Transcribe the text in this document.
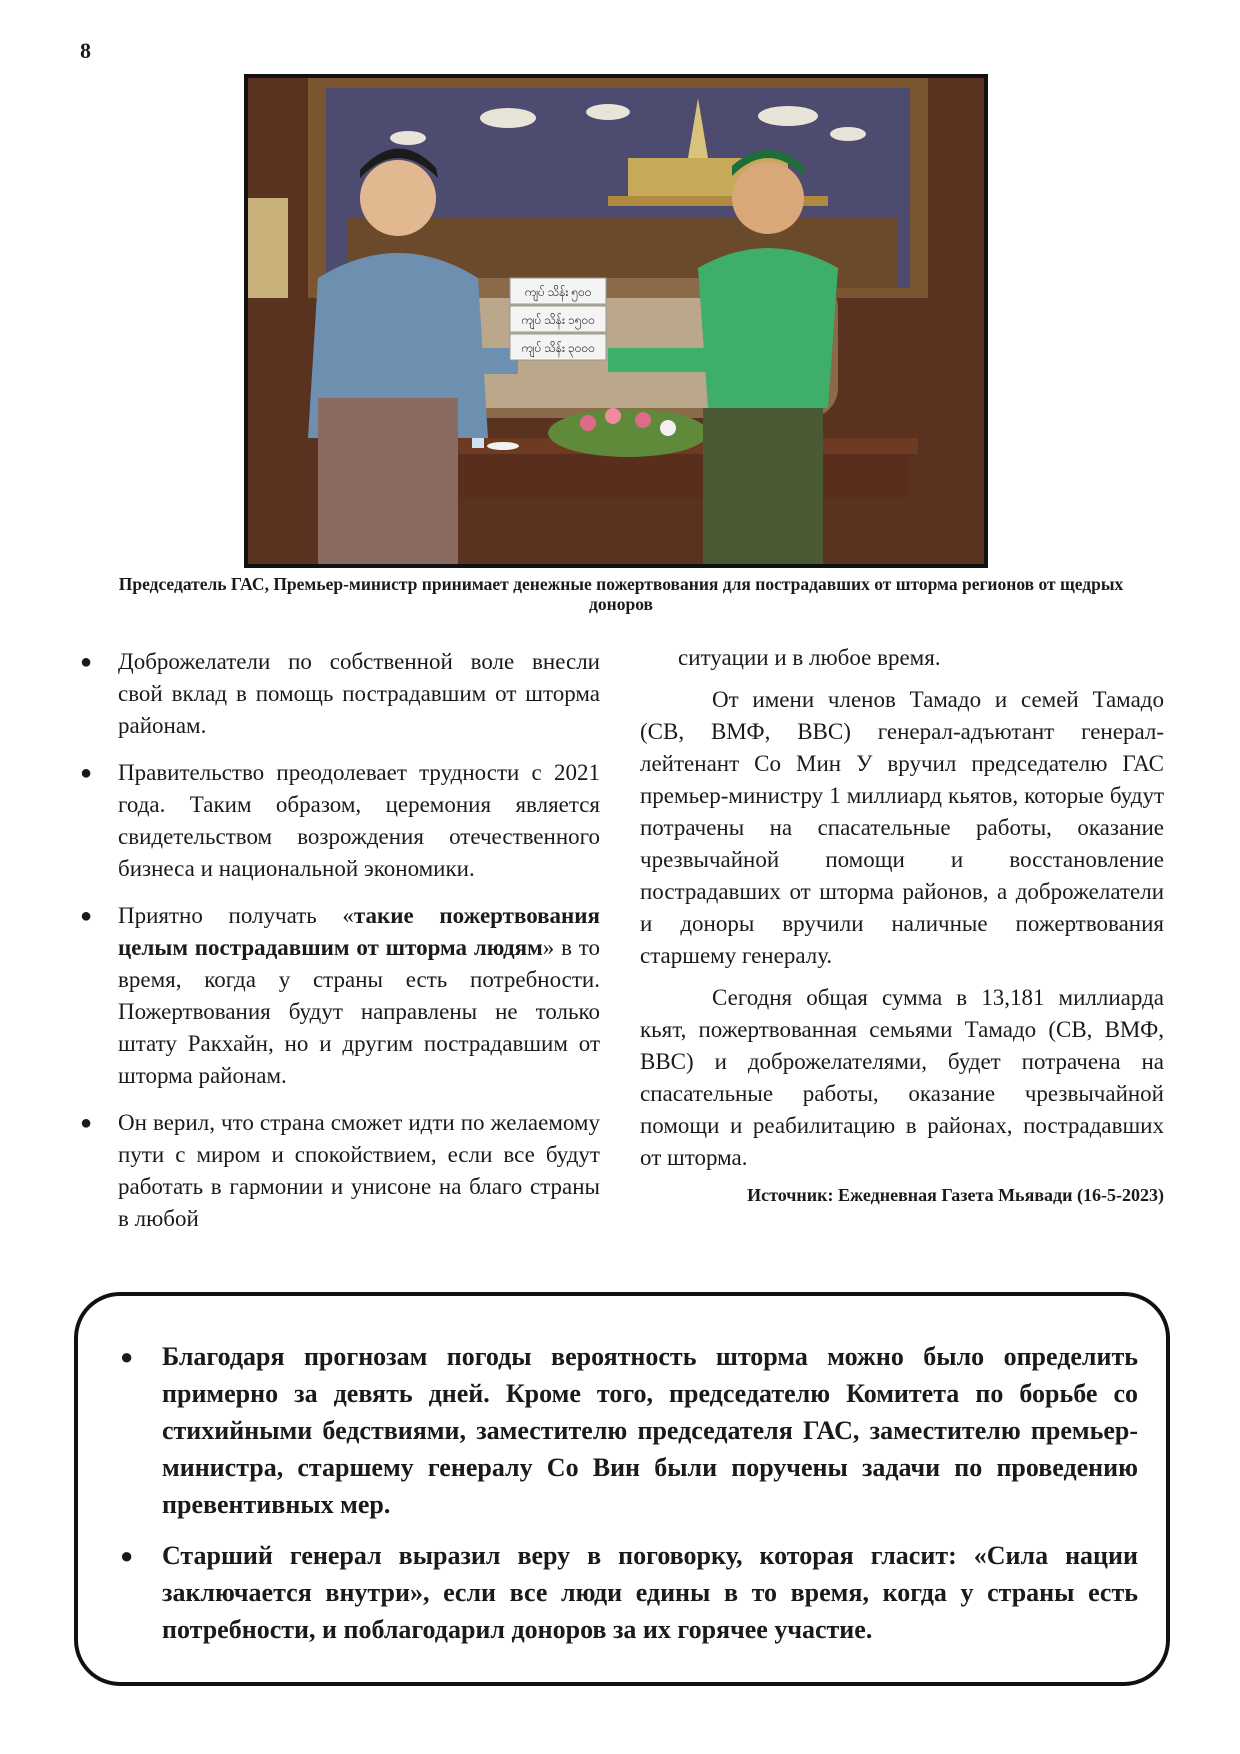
8
ကျပ် သိန်း ၅၀၀
ကျပ် သိန်း ၁၅၀၀
ကျပ် သိန်း ၃၀၀၀
Председатель ГАС, Премьер-министр принимает денежные пожертвования для пострадавших от шторма регионов от щедрых доноров
● Доброжелатели по собственной воле внесли свой вклад в помощь пострадавшим от шторма районам.
● Правительство преодолевает трудности с 2021 года. Таким образом, церемония является свидетельством возрождения отечественного бизнеса и национальной экономики.
● Приятно получать «такие пожертвования целым пострадавшим от шторма людям» в то время, когда у страны есть потребности. Пожертвования будут направлены не только штату Ракхайн, но и другим пострадавшим от шторма районам.
● Он верил, что страна сможет идти по желаемому пути с миром и спокойствием, если все будут работать в гармонии и унисоне на благо страны в любой

ситуации и в любое время.

От имени членов Тамадо и семей Тамадо (СВ, ВМФ, ВВС) генерал-адъютант генерал-лейтенант Со Мин У вручил председателю ГАС премьер-министру 1 миллиард кьятов, которые будут потрачены на спасательные работы, оказание чрезвычайной помощи и восстановление пострадавших от шторма районов, а доброжелатели и доноры вручили наличные пожертвования старшему генералу.

Сегодня общая сумма в 13,181 миллиарда кьят, пожертвованная семьями Тамадо (СВ, ВМФ, ВВС) и доброжелателями, будет потрачена на спасательные работы, оказание чрезвычайной помощи и реабилитацию в районах, пострадавших от шторма.

Источник: Ежедневная Газета Мьявади (16-5-2023)
● Благодаря прогнозам погоды вероятность шторма можно было определить примерно за девять дней. Кроме того, председателю Комитета по борьбе со стихийными бедствиями, заместителю председателя ГАС, заместителю премьер-министра, старшему генералу Со Вин были поручены задачи по проведению превентивных мер.
● Старший генерал выразил веру в поговорку, которая гласит: «Сила нации заключается внутри», если все люди едины в то время, когда у страны есть потребности, и поблагодарил доноров за их горячее участие.
